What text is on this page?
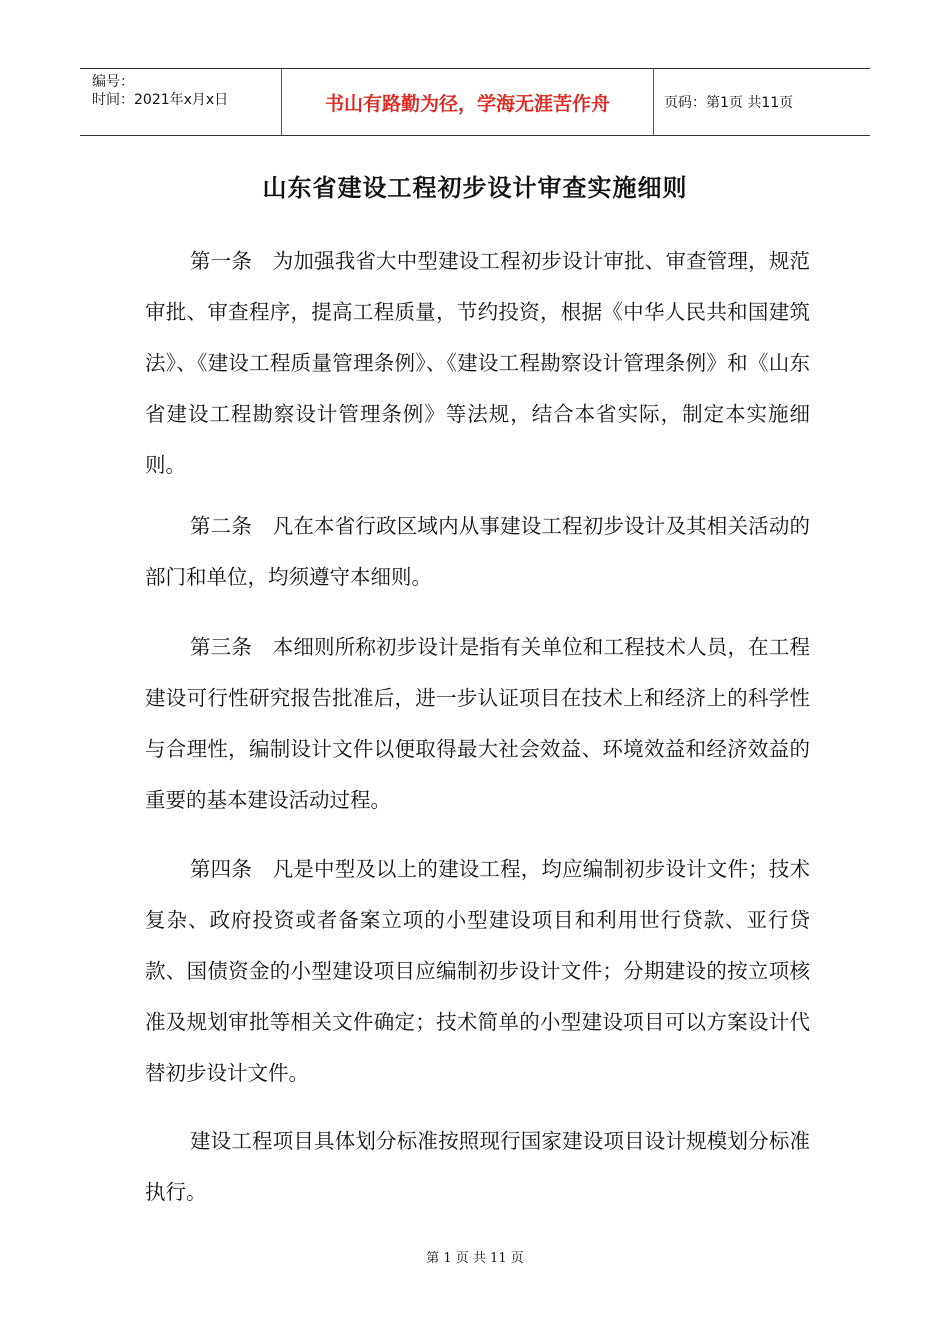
编号：
时间：2021年x月x日	书山有路勤为径，学海无涯苦作舟	页码：第1页 共11页
山东省建设工程初步设计审查实施细则
第一条　为加强我省大中型建设工程初步设计审批、审查管理，规范审批、审查程序，提高工程质量，节约投资，根据《中华人民共和国建筑法》、《建设工程质量管理条例》、《建设工程勘察设计管理条例》和《山东省建设工程勘察设计管理条例》等法规，结合本省实际，制定本实施细则。
第二条　凡在本省行政区域内从事建设工程初步设计及其相关活动的部门和单位，均须遵守本细则。
第三条　本细则所称初步设计是指有关单位和工程技术人员，在工程建设可行性研究报告批准后，进一步认证项目在技术上和经济上的科学性与合理性，编制设计文件以便取得最大社会效益、环境效益和经济效益的重要的基本建设活动过程。
第四条　凡是中型及以上的建设工程，均应编制初步设计文件；技术复杂、政府投资或者备案立项的小型建设项目和利用世行贷款、亚行贷款、国债资金的小型建设项目应编制初步设计文件；分期建设的按立项核准及规划审批等相关文件确定；技术简单的小型建设项目可以方案设计代替初步设计文件。
建设工程项目具体划分标准按照现行国家建设项目设计规模划分标准执行。
第 1 页 共 11 页
